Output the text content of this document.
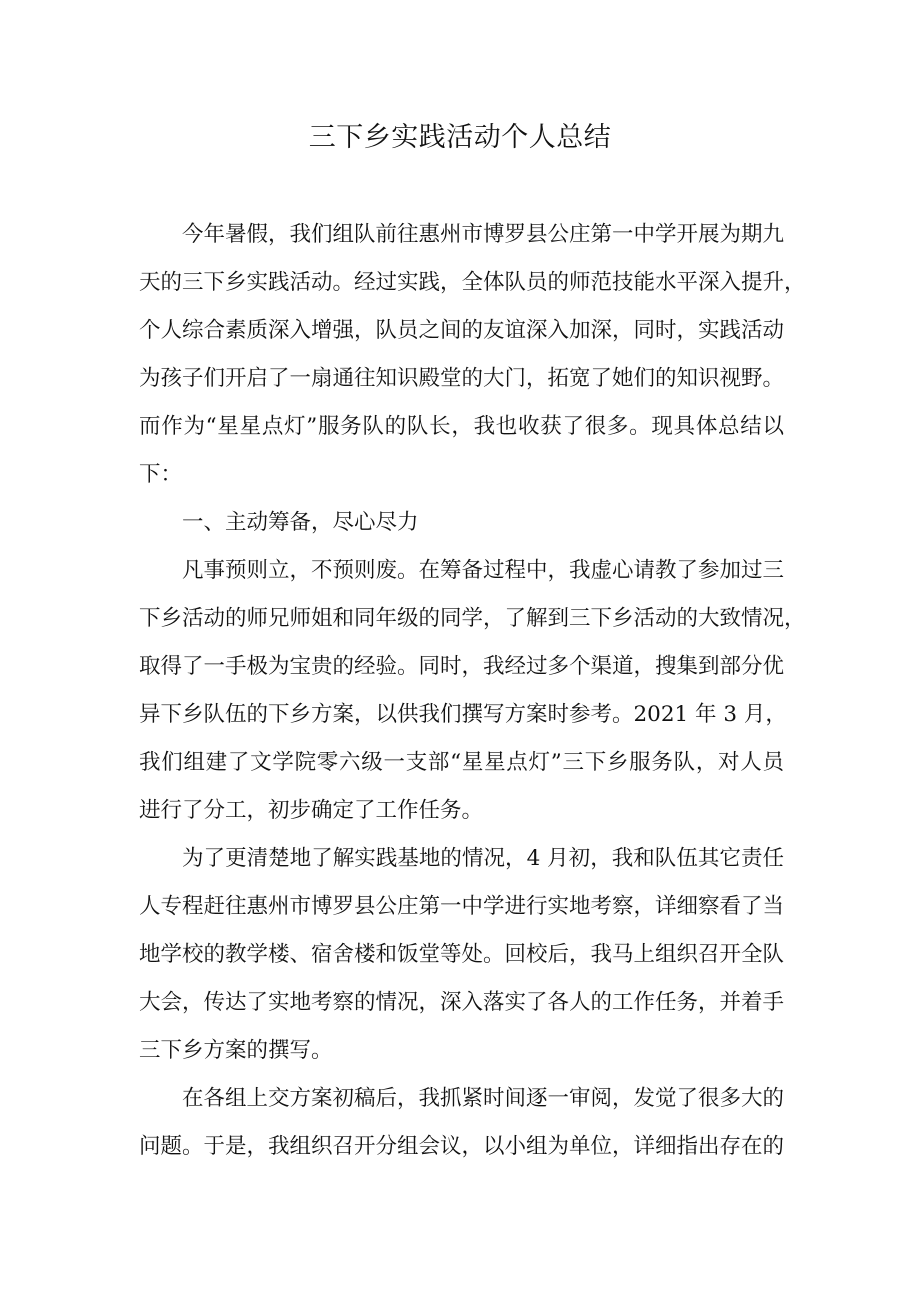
三下乡实践活动个人总结
今年暑假，我们组队前往惠州市博罗县公庄第一中学开展为期九
天的三下乡实践活动。经过实践，全体队员的师范技能水平深入提升，
个人综合素质深入增强，队员之间的友谊深入加深，同时，实践活动
为孩子们开启了一扇通往知识殿堂的大门，拓宽了她们的知识视野。
而作为“星星点灯”服务队的队长，我也收获了很多。现具体总结以
下：
一、主动筹备，尽心尽力
凡事预则立，不预则废。在筹备过程中，我虚心请教了参加过三
下乡活动的师兄师姐和同年级的同学，了解到三下乡活动的大致情况，
取得了一手极为宝贵的经验。同时，我经过多个渠道，搜集到部分优
异下乡队伍的下乡方案，以供我们撰写方案时参考。2021 年 3 月，
我们组建了文学院零六级一支部“星星点灯”三下乡服务队，对人员
进行了分工，初步确定了工作任务。
为了更清楚地了解实践基地的情况，4 月初，我和队伍其它责任
人专程赶往惠州市博罗县公庄第一中学进行实地考察，详细察看了当
地学校的教学楼、宿舍楼和饭堂等处。回校后，我马上组织召开全队
大会，传达了实地考察的情况，深入落实了各人的工作任务，并着手
三下乡方案的撰写。
在各组上交方案初稿后，我抓紧时间逐一审阅，发觉了很多大的
问题。于是，我组织召开分组会议，以小组为单位，详细指出存在的
